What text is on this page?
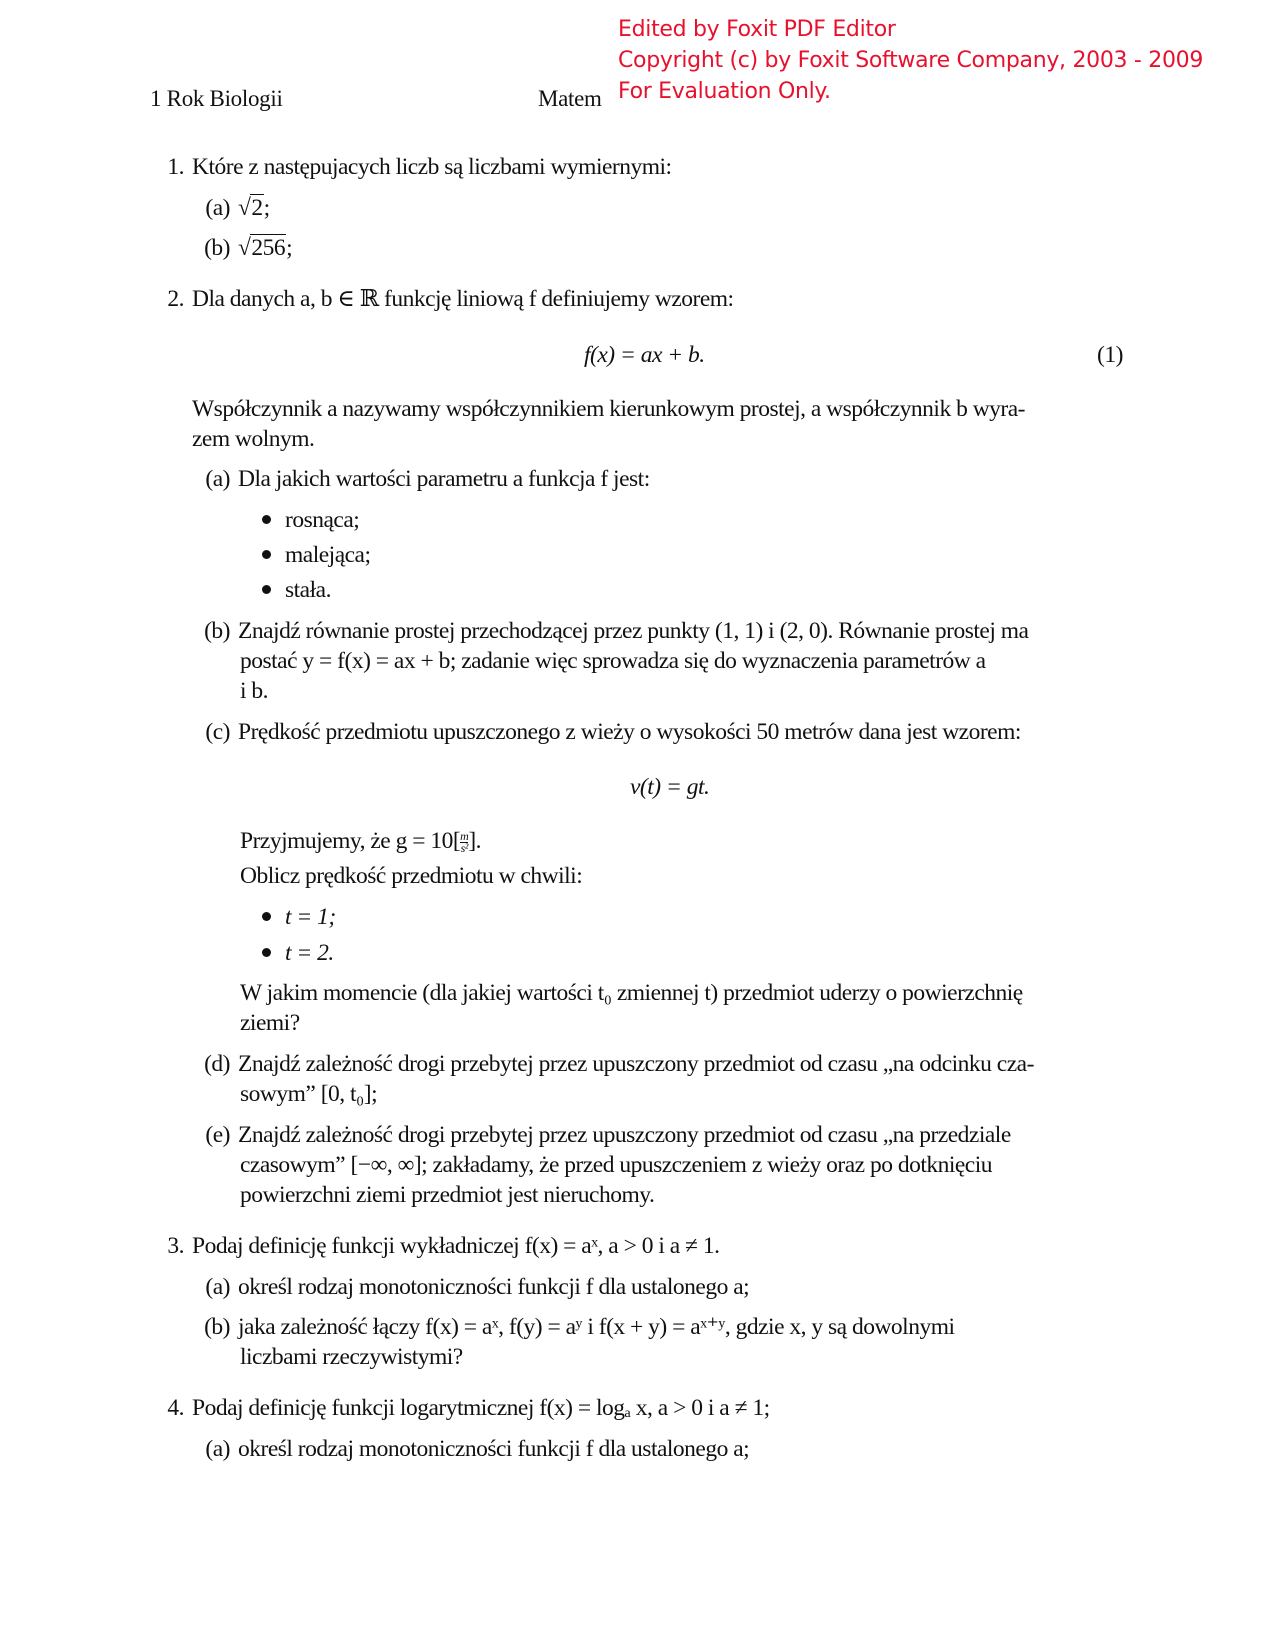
1 Rok Biologii	Matem
Edited by Foxit PDF Editor
Copyright (c) by Foxit Software Company, 2003 - 2009
For Evaluation Only.
1. Które z następujacych liczb są liczbami wymiernymi:
(a) √2;
(b) √256;
2. Dla danych a, b ∈ ℝ funkcję liniową f definiujemy wzorem:
f(x) = ax + b.	(1)
Współczynnik a nazywamy współczynnikiem kierunkowym prostej, a współczynnik b wyra-
zem wolnym.
(a) Dla jakich wartości parametru a funkcja f jest:
rosnąca;
malejąca;
stała.
(b) Znajdź równanie prostej przechodzącej przez punkty (1, 1) i (2, 0). Równanie prostej ma
postać y = f(x) = ax + b; zadanie więc sprowadza się do wyznaczenia parametrów a
i b.
(c) Prędkość przedmiotu upuszczonego z wieży o wysokości 50 metrów dana jest wzorem:
v(t) = gt.
Przyjmujemy, że $g = 10[ \frac{m}{\text{s²}}$ ].
Oblicz prędkość przedmiotu w chwili:
t = 1;
t = 2.
W jakim momencie (dla jakiej wartości t₀ zmiennej t) przedmiot uderzy o powierzchnię
ziemi?
(d) Znajdź zależność drogi przebytej przez upuszczony przedmiot od czasu „na odcinku cza-
sowym” [0, t₀];
(e) Znajdź zależność drogi przebytej przez upuszczony przedmiot od czasu „na przedziale
czasowym” [−∞, ∞]; zakładamy, że przed upuszczeniem z wieży oraz po dotknięciu
powierzchni ziemi przedmiot jest nieruchomy.
3. Podaj definicję funkcji wykładniczej f(x) = aˣ, a > 0 i a ≠ 1.
(a) określ rodzaj monotoniczności funkcji f dla ustalonego a;
(b) jaka zależność łączy f(x) = aˣ, f(y) = aʸ i f(x + y) = aˣ⁺ʸ, gdzie x, y są dowolnymi
liczbami rzeczywistymi?
4. Podaj definicję funkcji logarytmicznej f(x) = logₐ x, a > 0 i a ≠ 1;
(a) określ rodzaj monotoniczności funkcji f dla ustalonego a;
